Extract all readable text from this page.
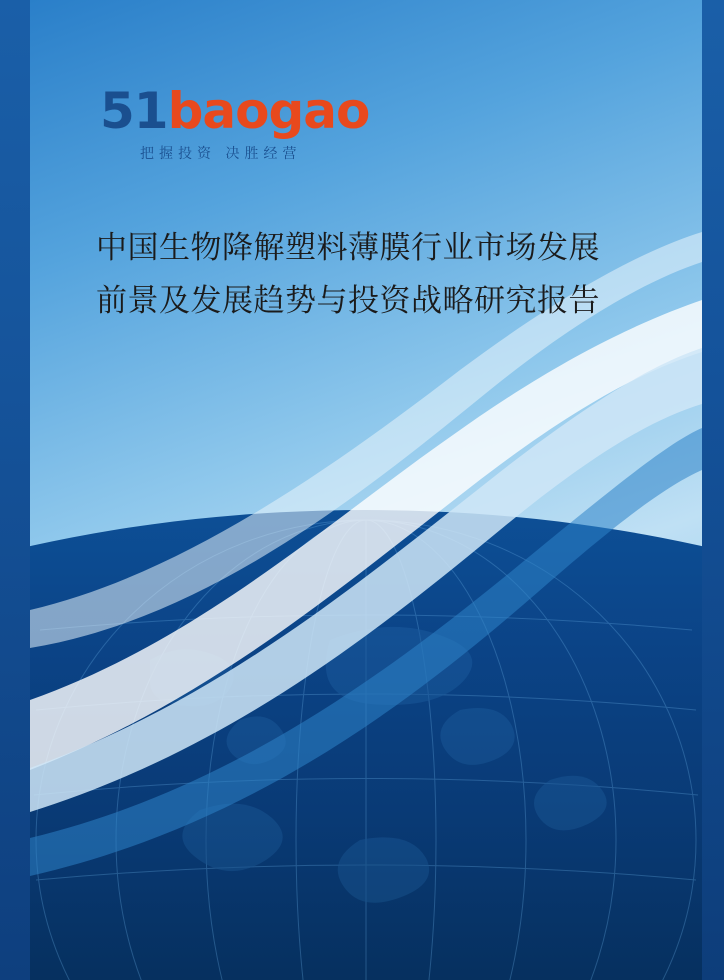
51baogao
把握投资 决胜经营
中国生物降解塑料薄膜行业市场发展
前景及发展趋势与投资战略研究报告
